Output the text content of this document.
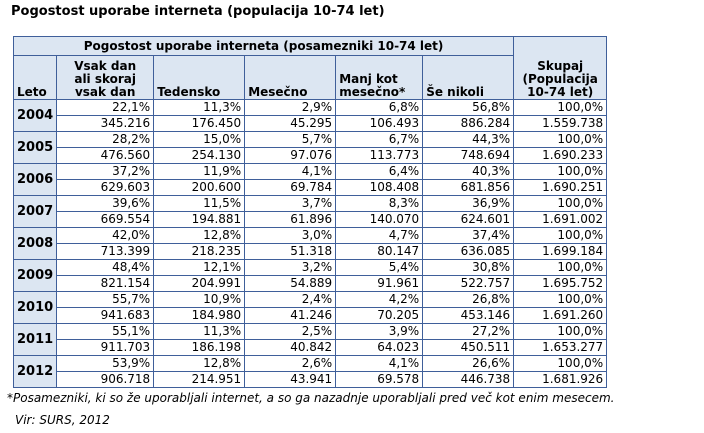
Pogostost uporabe interneta (populacija 10-74 let)
Pogostost uporabe interneta (posamezniki 10-74 let)						Skupaj
(Populacija
10-74 let)
Leto	Vsak dan
ali skoraj
vsak dan	Tedensko	Mesečno	Manj kot
mesečno*	Še nikoli	
2004	22,1%	11,3%	2,9%	6,8%	56,8%	100,0%
	345.216	176.450	45.295	106.493	886.284	1.559.738
2005	28,2%	15,0%	5,7%	6,7%	44,3%	100,0%
	476.560	254.130	97.076	113.773	748.694	1.690.233
2006	37,2%	11,9%	4,1%	6,4%	40,3%	100,0%
	629.603	200.600	69.784	108.408	681.856	1.690.251
2007	39,6%	11,5%	3,7%	8,3%	36,9%	100,0%
	669.554	194.881	61.896	140.070	624.601	1.691.002
2008	42,0%	12,8%	3,0%	4,7%	37,4%	100,0%
	713.399	218.235	51.318	80.147	636.085	1.699.184
2009	48,4%	12,1%	3,2%	5,4%	30,8%	100,0%
	821.154	204.991	54.889	91.961	522.757	1.695.752
2010	55,7%	10,9%	2,4%	4,2%	26,8%	100,0%
	941.683	184.980	41.246	70.205	453.146	1.691.260
2011	55,1%	11,3%	2,5%	3,9%	27,2%	100,0%
	911.703	186.198	40.842	64.023	450.511	1.653.277
2012	53,9%	12,8%	2,6%	4,1%	26,6%	100,0%
	906.718	214.951	43.941	69.578	446.738	1.681.926
*Posamezniki, ki so že uporabljali internet, a so ga nazadnje uporabljali pred več kot enim mesecem.
Vir: SURS, 2012
